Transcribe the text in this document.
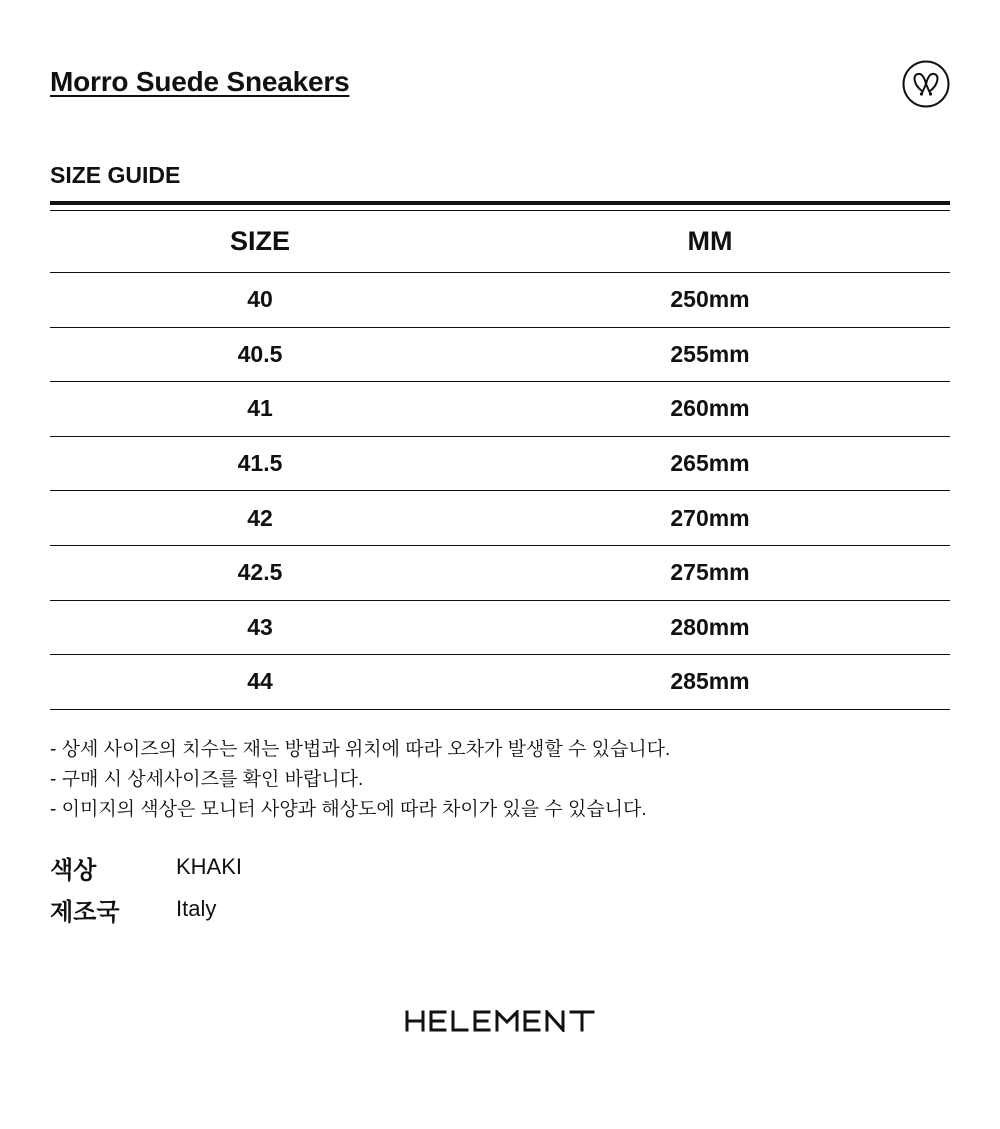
Morro Suede Sneakers
SIZE GUIDE
SIZE	MM
40	250mm
40.5	255mm
41	260mm
41.5	265mm
42	270mm
42.5	275mm
43	280mm
44	285mm
- 상세 사이즈의 치수는 재는 방법과 위치에 따라 오차가 발생할 수 있습니다.
- 구매 시 상세사이즈를 확인 바랍니다.
- 이미지의 색상은 모니터 사양과 해상도에 따라 차이가 있을 수 있습니다.
색상	KHAKI
제조국	Italy
